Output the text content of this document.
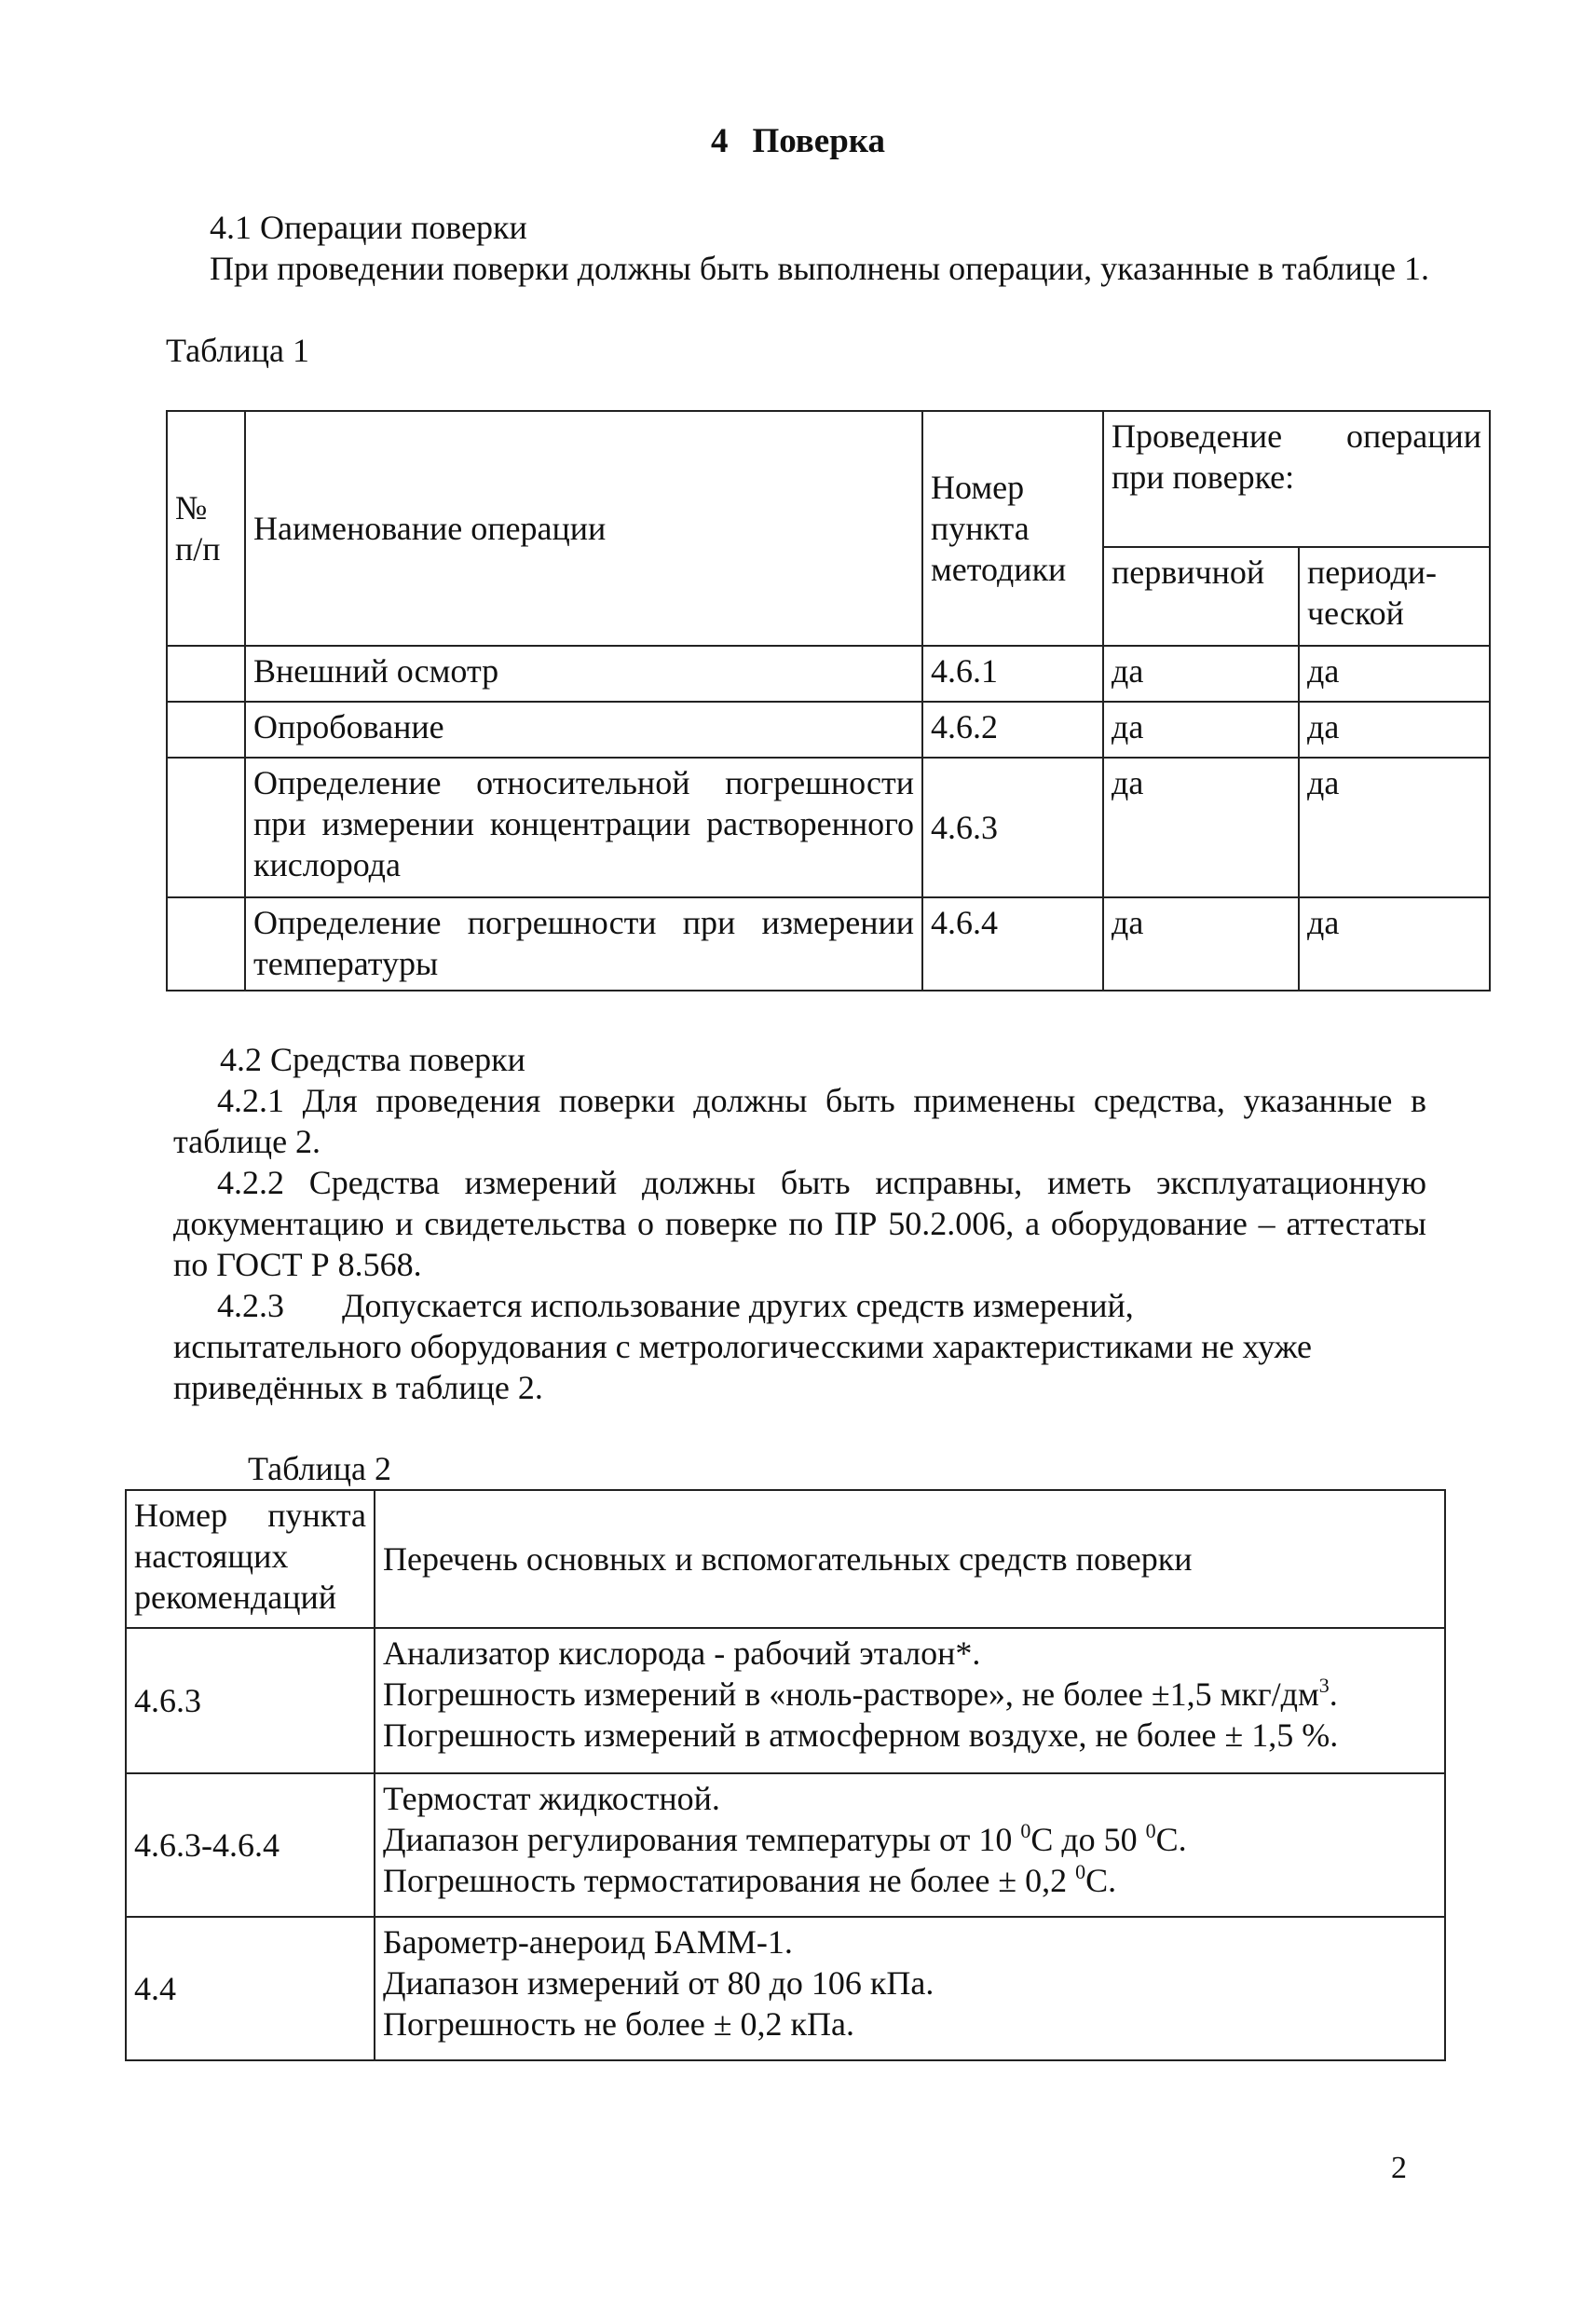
4 Поверка
4.1 Операции поверки
При проведении поверки должны быть выполнены операции, указанные в таблице 1.
Таблица 1
№ п/п	Наименование операции	Номер пункта методики	Проведение операции при поверке:	
			первичной	периоди-ческой
	Внешний осмотр	4.6.1	да	да
	Опробование	4.6.2	да	да
	Определение относительной погрешности при измерении концентрации растворенного кислорода	4.6.3	да	да
	Определение погрешности при измерении температуры	4.6.4	да	да
4.2 Средства поверки
4.2.1 Для проведения поверки должны быть применены средства, указанные в таблице 2.
4.2.2 Средства измерений должны быть исправны, иметь эксплуатационную документацию и свидетельства о поверке по ПР 50.2.006, а оборудование – аттестаты по ГОСТ Р 8.568.
4.2.3 Допускается использование других средств измерений,
испытательного оборудования с метрологичесскими характеристиками не хуже приведённых в таблице 2.
Таблица 2
Номер пункта настоящих рекомендаций	Перечень основных и вспомогательных средств поверки
4.6.3	Анализатор кислорода - рабочий эталон*.
Погрешность измерений в «ноль-растворе», не более ±1,5 мкг/$дм^3$.
Погрешность измерений в атмосферном воздухе, не более ± 1,5 %.

4.6.3-4.6.4	Термостат жидкостной.
Диапазон регулирования температуры от 10 $^0$С до 50 $^0$С.
Погрешность термостатирования не более ± 0,2 $^0$С.

4.4	Барометр-анероид БАММ-1.
Диапазон измерений от 80 до 106 кПа.
Погрешность не более ± 0,2 кПа.
2
